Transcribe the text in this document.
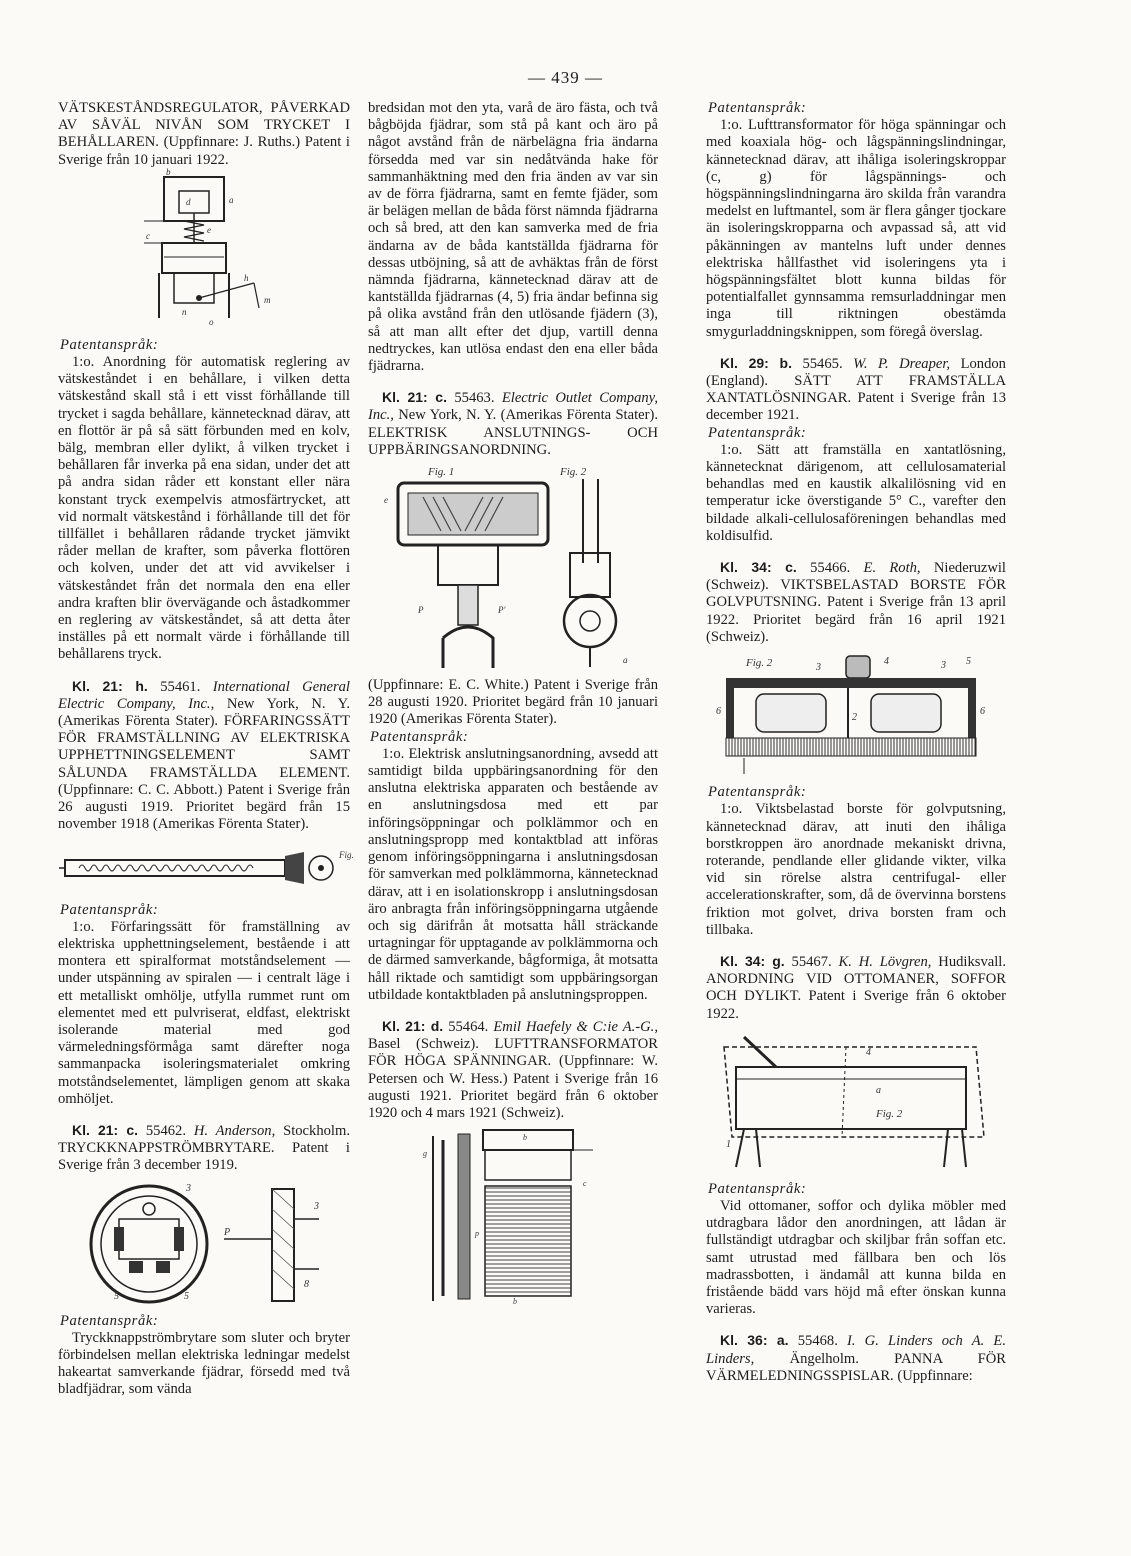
— 439 —

VÄTSKESTÅNDSREGULATOR, PÅVERKAD AV SÅVÄL NIVÅN SOM TRYCKET I BEHÅLLAREN. (Uppfinnare: J. Ruths.) Patent i Sverige från 10 januari 1922.

b
d	a
c
e
h
m
n
o

Patentanspråk:

1:o. Anordning för automatisk reglering av vätskeståndet i en behållare, i vilken detta vätskestånd skall stå i ett visst förhållande till trycket i sagda behållare, kännetecknad därav, att en flottör är på så sätt förbunden med en kolv, bälg, membran eller dylikt, å vilken trycket i behållaren får inverka på ena sidan, under det att på andra sidan råder ett konstant eller nära konstant tryck exempelvis atmosfärtrycket, att vid normalt vätskestånd i förhållande till det för tillfället i behållaren rådande trycket jämvikt råder mellan de krafter, som påverka flottören och kolven, under det att vid avvikelser i vätskeståndet från det normala den ena eller andra kraften blir övervägande och åstadkommer en reglering av vätskeståndet, så att detta åter inställes på ett normalt värde i förhållande till behållarens tryck.

Kl. 21: h. 55461. International General Electric Company, Inc., New York, N. Y. (Amerikas Förenta Stater). FÖRFARINGSSÄTT FÖR FRAMSTÄLLNING AV ELEKTRISKA UPPHETTNINGSELEMENT SAMT SÅLUNDA FRAMSTÄLLDA ELEMENT. (Uppfinnare: C. C. Abbott.) Patent i Sverige från 26 augusti 1919. Prioritet begärd från 15 november 1918 (Amerikas Förenta Stater).

Fig.

Patentanspråk:

1:o. Förfaringssätt för framställning av elektriska upphettningselement, bestående i att montera ett spiralformat motståndselement — under utspänning av spiralen — i centralt läge i ett metalliskt omhölje, utfylla rummet runt om elementet med ett pulvriserat, eldfast, elektriskt isolerande material med god värmeledningsförmåga samt därefter noga sammanpacka isoleringsmaterialet omkring motståndselementet, lämpligen genom att skaka omhöljet.

Kl. 21: c. 55462. H. Anderson, Stockholm. TRYCKKNAPPSTRÖMBRYTARE. Patent i Sverige från 3 december 1919.

3
3
P
5	5
8

Patentanspråk:

Tryckknappströmbrytare som sluter och bryter förbindelsen mellan elektriska ledningar medelst hakeartat samverkande fjädrar, försedd med två bladfjädrar, som vända

bredsidan mot den yta, varå de äro fästa, och två bågböjda fjädrar, som stå på kant och äro på något avstånd från de närbelägna fria ändarna försedda med var sin nedåtvända hake för sammanhäktning med den fria änden av var sin av de förra fjädrarna, samt en femte fjäder, som är belägen mellan de båda först nämnda fjädrarna och så bred, att den kan samverka med de fria ändarna av de båda kantställda fjädrarna för dessas utböjning, så att de avhäktas från de först nämnda fjädrarna, kännetecknad därav att de kantställda fjädrarnas (4, 5) fria ändar befinna sig på olika avstånd från den utlösande fjädern (3), så att man allt efter det djup, vartill denna nedtryckes, kan utlösa endast den ena eller båda fjädrarna.

Kl. 21: c. 55463. Electric Outlet Company, Inc., New York, N. Y. (Amerikas Förenta Stater). ELEKTRISK ANSLUTNINGS- OCH UPPBÄRINGSANORDNING.

Fig. 1	Fig. 2
e
P	P'
a

(Uppfinnare: E. C. White.) Patent i Sverige från 28 augusti 1920. Prioritet begärd från 10 januari 1920 (Amerikas Förenta Stater).

Patentanspråk:

1:o. Elektrisk anslutningsanordning, avsedd att samtidigt bilda uppbäringsanordning för den anslutna elektriska apparaten och bestående av en anslutningsdosa med ett par införingsöppningar och polklämmor och en anslutningspropp med kontaktblad att införas genom införingsöppningarna i anslutningsdosan för samverkan med polklämmorna, kännetecknad därav, att i en isolationskropp i anslutningsdosan äro anbragta från införingsöppningarna utgående och sig därifrån åt motsatta håll sträckande urtagningar för upptagande av polklämmorna och de därmed samverkande, bågformiga, åt motsatta håll riktade och samtidigt som uppbäringsorgan utbildade kontaktbladen på anslutningsproppen.

Kl. 21: d. 55464. Emil Haefely & C:ie A.-G., Basel (Schweiz). LUFTTRANSFORMATOR FÖR HÖGA SPÄNNINGAR. (Uppfinnare: W. Petersen och W. Hess.) Patent i Sverige från 16 augusti 1921. Prioritet begärd från 6 oktober 1920 och 4 mars 1921 (Schweiz).

g
b
c
p
b

Patentanspråk:

1:o. Lufttransformator för höga spänningar och med koaxiala hög- och lågspänningslindningar, kännetecknad därav, att ihåliga isoleringskroppar (c, g) för lågspännings- och högspänningslindningarna äro skilda från varandra medelst en luftmantel, som är flera gånger tjockare än isoleringskropparna och avpassad så, att vid påkänningen av mantelns luft under dennes elektriska hållfasthet vid isoleringens yta i högspänningsfältet blott kunna bildas för potentialfallet gynnsamma remsurladdningar men inga till riktningen obestämda smygurladdningsknippen, som föregå överslag.

Kl. 29: b. 55465. W. P. Dreaper, London (England). SÄTT ATT FRAMSTÄLLA XANTATLÖSNINGAR. Patent i Sverige från 13 december 1921.

Patentanspråk:

1:o. Sätt att framställa en xantatlösning, kännetecknat därigenom, att cellulosamaterial behandlas med en kaustik alkalilösning vid en temperatur icke överstigande 5° C., varefter den bildade alkali-cellulosaföreningen behandlas med koldisulfid.

Kl. 34: c. 55466. E. Roth, Niederuzwil (Schweiz). VIKTSBELASTAD BORSTE FÖR GOLVPUTSNING. Patent i Sverige från 13 april 1922. Prioritet begärd från 16 april 1921 (Schweiz).

Fig. 2	3
4	3 5
6	6
2

Patentanspråk:

1:o. Viktsbelastad borste för golvputsning, kännetecknad därav, att inuti den ihåliga borstkroppen äro anordnade mekaniskt drivna, roterande, pendlande eller glidande vikter, vilka vid sin rörelse alstra centrifugal- eller accelerationskrafter, som, då de övervinna borstens friktion mot golvet, driva borsten fram och tillbaka.

Kl. 34: g. 55467. K. H. Lövgren, Hudiksvall. ANORDNING VID OTTOMANER, SOFFOR OCH DYLIKT. Patent i Sverige från 6 oktober 1922.

Fig. 2
4
a
1

Patentanspråk:

Vid ottomaner, soffor och dylika möbler med utdragbara lådor den anordningen, att lådan är fullständigt utdragbar och skiljbar från soffan etc. samt utrustad med fällbara ben och lös madrassbotten, i ändamål att kunna bilda en fristående bädd vars höjd må efter önskan kunna varieras.

Kl. 36: a. 55468. I. G. Linders och A. E. Linders, Ängelholm. PANNA FÖR VÄRMELEDNINGSSPISLAR. (Uppfinnare:
